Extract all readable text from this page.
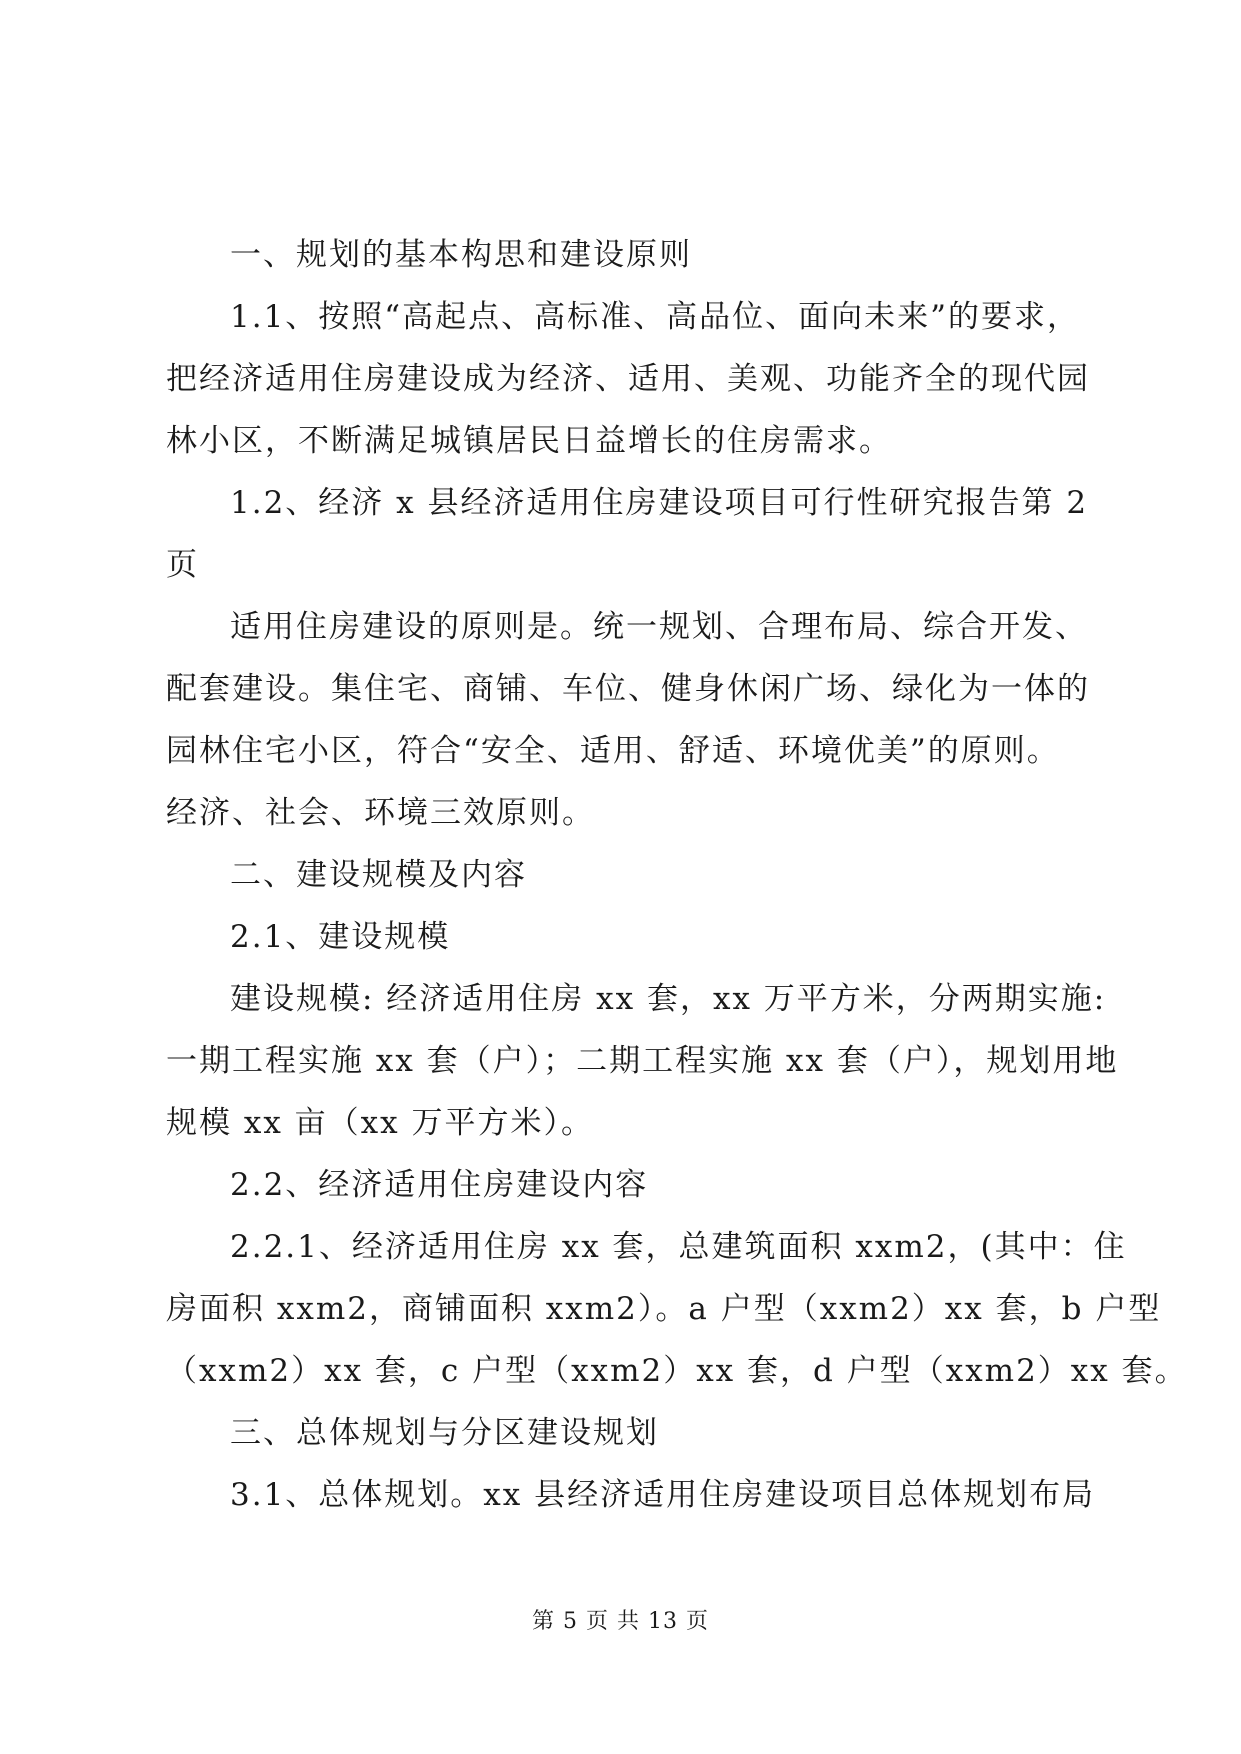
一、规划的基本构思和建设原则

1.1、按照“高起点、高标准、高品位、面向未来”的要求，
把经济适用住房建设成为经济、适用、美观、功能齐全的现代园
林小区，不断满足城镇居民日益增长的住房需求。

1.2、经济 x 县经济适用住房建设项目可行性研究报告第 2
页

适用住房建设的原则是。统一规划、合理布局、综合开发、
配套建设。集住宅、商铺、车位、健身休闲广场、绿化为一体的
园林住宅小区，符合“安全、适用、舒适、环境优美”的原则。
经济、社会、环境三效原则。

二、建设规模及内容

2.1、建设规模

建设规模: 经济适用住房 xx 套，xx 万平方米，分两期实施:
一期工程实施 xx 套（户）；二期工程实施 xx 套（户），规划用地
规模 xx 亩（xx 万平方米）。

2.2、经济适用住房建设内容

2.2.1、经济适用住房 xx 套，总建筑面积 xxm2，(其中：住
房面积 xxm2，商铺面积 xxm2）。a 户型（xxm2）xx 套，b 户型
（xxm2）xx 套，c 户型（xxm2）xx 套，d 户型（xxm2）xx 套。

三、总体规划与分区建设规划

3.1、总体规划。xx 县经济适用住房建设项目总体规划布局

第 5 页 共 13 页
